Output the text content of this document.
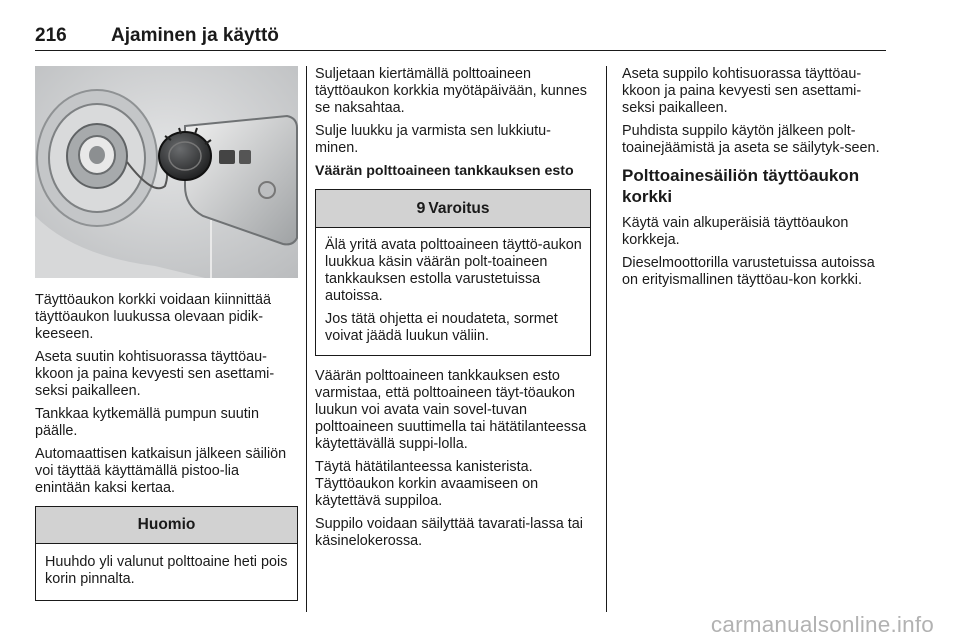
216	Ajaminen ja käyttö

Täyttöaukon korkki voidaan kiinnittää täyttöaukon luukussa olevaan pidik‐keeseen.

Aseta suutin kohtisuorassa täyttöau‐kkoon ja paina kevyesti sen asettami‐seksi paikalleen.

Tankkaa kytkemällä pumpun suutin päälle.

Automaattisen katkaisun jälkeen säiliön voi täyttää käyttämällä pistoo‐lia enintään kaksi kertaa.

Huomio

Huuhdo yli valunut polttoaine heti pois korin pinnalta.

Suljetaan kiertämällä polttoaineen täyttöaukon korkkia myötäpäivään, kunnes se naksahtaa.

Sulje luukku ja varmista sen lukkiutu‐minen.

Väärän polttoaineen tankkauksen esto
9 Varoitus

Älä yritä avata polttoaineen täyttö‐aukon luukkua käsin väärän polt‐toaineen tankkauksen estolla varustetuissa autoissa.

Jos tätä ohjetta ei noudateta, sormet voivat jäädä luukun väliin.

Väärän polttoaineen tankkauksen esto varmistaa, että polttoaineen täyt‐töaukon luukun voi avata vain sovel‐tuvan polttoaineen suuttimella tai hätätilanteessa käytettävällä suppi‐lolla.

Täytä hätätilanteessa kanisterista. Täyttöaukon korkin avaamiseen on käytettävä suppiloa.

Suppilo voidaan säilyttää tavarati‐lassa tai käsinelokerossa.

Aseta suppilo kohtisuorassa täyttöau‐kkoon ja paina kevyesti sen asettami‐seksi paikalleen.

Puhdista suppilo käytön jälkeen polt‐toainejäämistä ja aseta se säilytyk‐seen.

Polttoainesäiliön täyttöaukon korkki

Käytä vain alkuperäisiä täyttöaukon korkkeja.

Dieselmoottorilla varustetuissa autoissa on erityismallinen täyttöau‐kon korkki.

carmanualsonline.info
